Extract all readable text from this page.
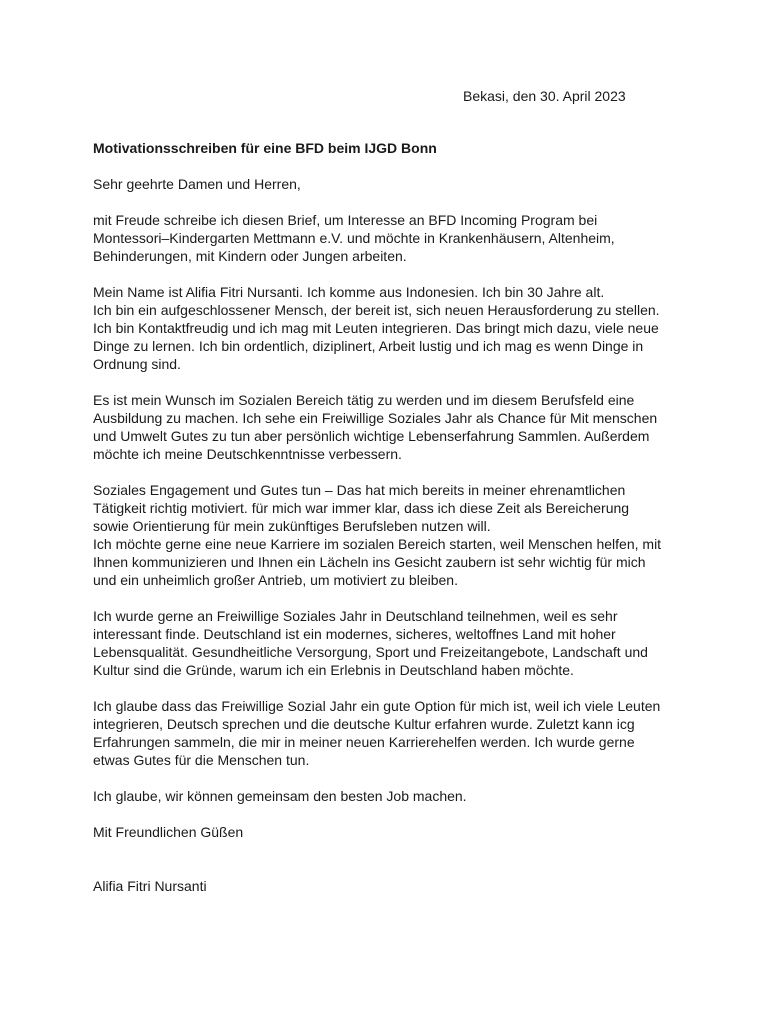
Bekasi, den 30. April 2023
Motivationsschreiben für eine BFD beim IJGD Bonn
Sehr geehrte Damen und Herren,
mit Freude schreibe ich diesen Brief, um Interesse an BFD Incoming Program bei
Montessori–Kindergarten Mettmann e.V. und möchte in Krankenhäusern, Altenheim,
Behinderungen, mit Kindern oder Jungen arbeiten.
Mein Name ist Alifia Fitri Nursanti. Ich komme aus Indonesien. Ich bin 30 Jahre alt.
Ich bin ein aufgeschlossener Mensch, der bereit ist, sich neuen Herausforderung zu stellen.
Ich bin Kontaktfreudig und ich mag mit Leuten integrieren. Das bringt mich dazu, viele neue
Dinge zu lernen. Ich bin ordentlich, diziplinert, Arbeit lustig und ich mag es wenn Dinge in
Ordnung sind.
Es ist mein Wunsch im Sozialen Bereich tätig zu werden und im diesem Berufsfeld eine
Ausbildung zu machen. Ich sehe ein Freiwillige Soziales Jahr als Chance für Mit menschen
und Umwelt Gutes zu tun aber persönlich wichtige Lebenserfahrung Sammlen. Außerdem
möchte ich meine Deutschkenntnisse verbessern.
Soziales Engagement und Gutes tun – Das hat mich bereits in meiner ehrenamtlichen
Tätigkeit richtig motiviert. für mich war immer klar, dass ich diese Zeit als Bereicherung
sowie Orientierung für mein zukünftiges Berufsleben nutzen will.
Ich möchte gerne eine neue Karriere im sozialen Bereich starten, weil Menschen helfen, mit
Ihnen kommunizieren und Ihnen ein Lächeln ins Gesicht zaubern ist sehr wichtig für mich
und ein unheimlich großer Antrieb, um motiviert zu bleiben.
Ich wurde gerne an Freiwillige Soziales Jahr in Deutschland teilnehmen, weil es sehr
interessant finde. Deutschland ist ein modernes, sicheres, weltoffnes Land mit hoher
Lebensqualität. Gesundheitliche Versorgung, Sport und Freizeitangebote, Landschaft und
Kultur sind die Gründe, warum ich ein Erlebnis in Deutschland haben möchte.
Ich glaube dass das Freiwillige Sozial Jahr ein gute Option für mich ist, weil ich viele Leuten
integrieren, Deutsch sprechen und die deutsche Kultur erfahren wurde. Zuletzt kann icg
Erfahrungen sammeln, die mir in meiner neuen Karrierehelfen werden. Ich wurde gerne
etwas Gutes für die Menschen tun.
Ich glaube, wir können gemeinsam den besten Job machen.
Mit Freundlichen Güßen
Alifia Fitri Nursanti
